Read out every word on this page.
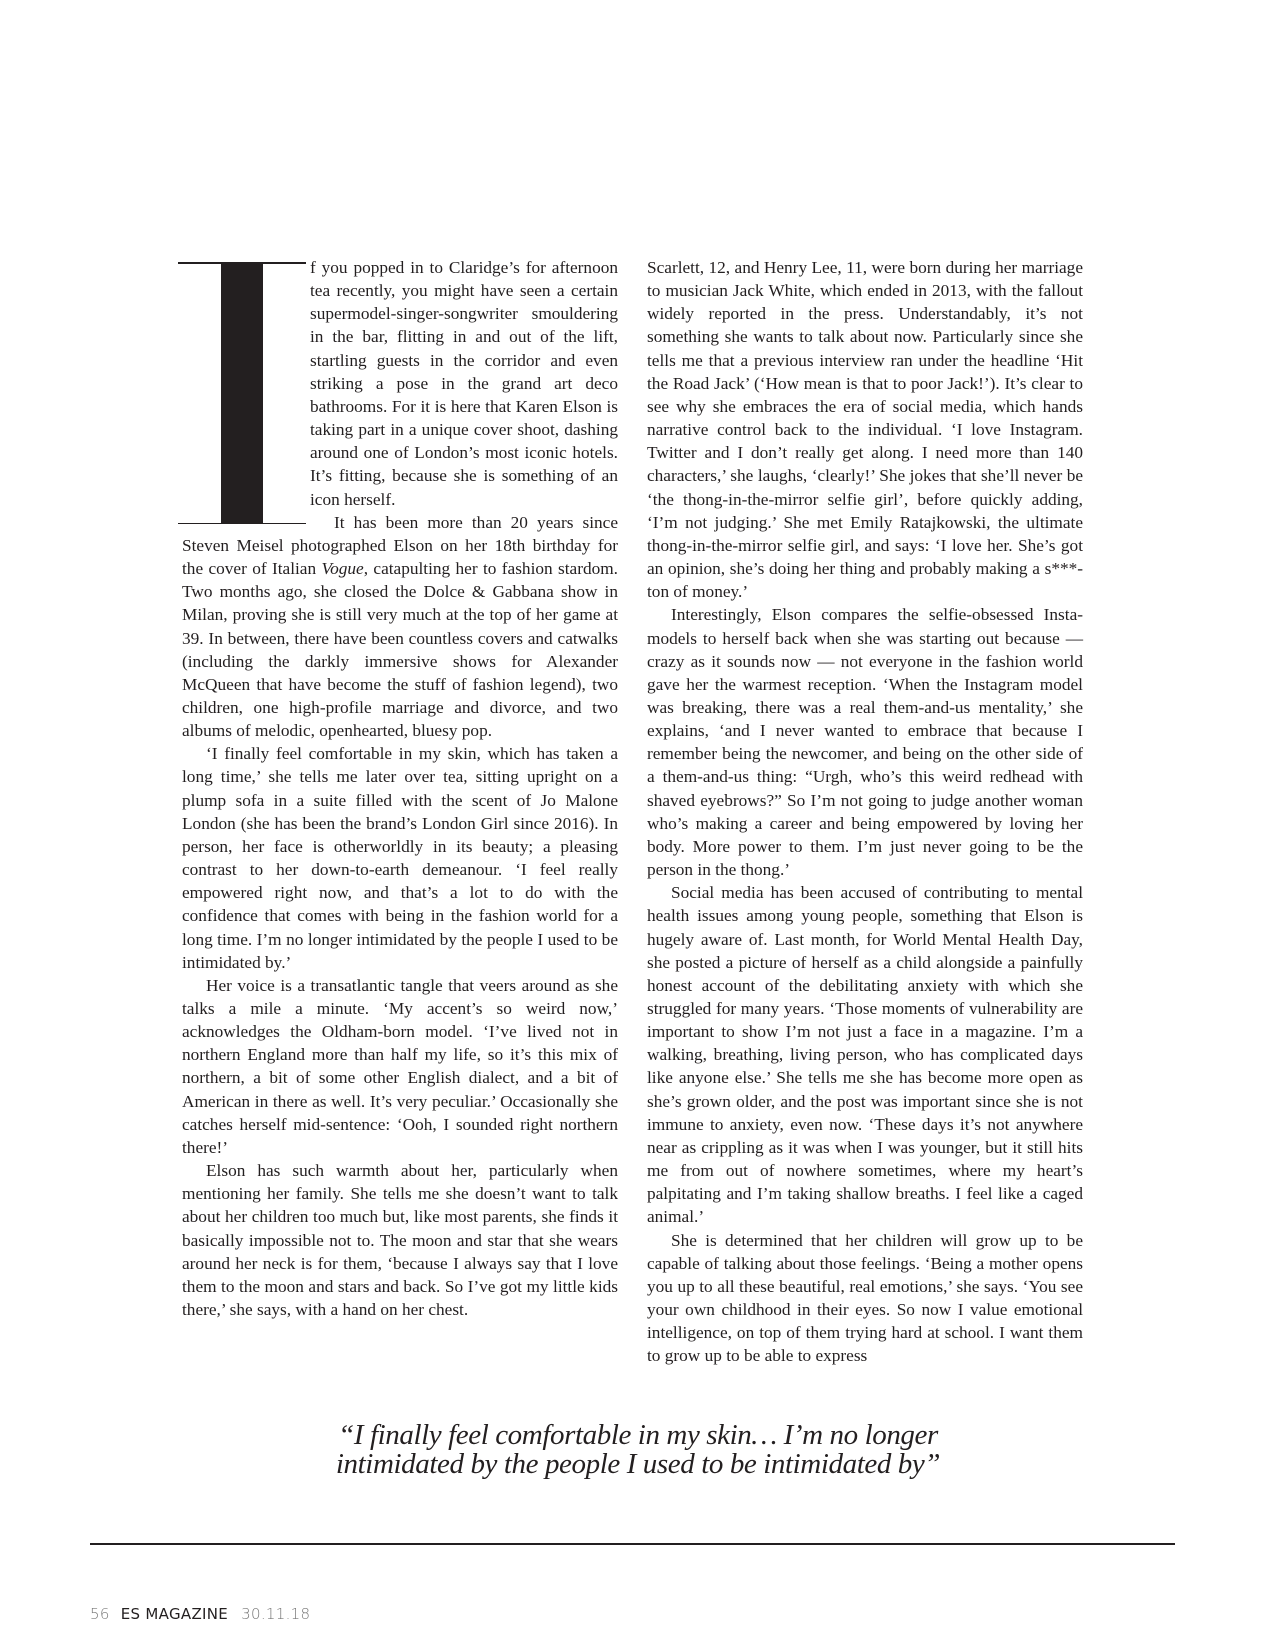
f you popped in to Claridge’s for afternoon tea recently, you might have seen a certain supermodel-singer-songwriter smouldering in the bar, flitting in and out of the lift, startling guests in the corridor and even striking a pose in the grand art deco bathrooms. For it is here that Karen Elson is taking part in a unique cover shoot, dashing around one of London’s most iconic hotels. It’s fitting, because she is something of an icon herself.

It has been more than 20 years since Steven Meisel photographed Elson on her 18th birthday for the cover of Italian Vogue, catapulting her to fashion stardom. Two months ago, she closed the Dolce & Gabbana show in Milan, proving she is still very much at the top of her game at 39. In between, there have been countless covers and catwalks (including the darkly immersive shows for Alexander McQueen that have become the stuff of fashion legend), two children, one high-profile marriage and divorce, and two albums of melodic, openhearted, bluesy pop.

‘I finally feel comfortable in my skin, which has taken a long time,’ she tells me later over tea, sitting upright on a plump sofa in a suite filled with the scent of Jo Malone London (she has been the brand’s London Girl since 2016). In person, her face is otherworldly in its beauty; a pleasing contrast to her down-to-earth demeanour. ‘I feel really empowered right now, and that’s a lot to do with the confidence that comes with being in the fashion world for a long time. I’m no longer intimidated by the people I used to be intimidated by.’

Her voice is a transatlantic tangle that veers around as she talks a mile a minute. ‘My accent’s so weird now,’ acknowledges the Oldham-born model. ‘I’ve lived not in northern England more than half my life, so it’s this mix of northern, a bit of some other English dialect, and a bit of American in there as well. It’s very peculiar.’ Occasionally she catches herself mid-sentence: ‘Ooh, I sounded right northern there!’

Elson has such warmth about her, particularly when mentioning her family. She tells me she doesn’t want to talk about her children too much but, like most parents, she finds it basically impossible not to. The moon and star that she wears around her neck is for them, ‘because I always say that I love them to the moon and stars and back. So I’ve got my little kids there,’ she says, with a hand on her chest.

Scarlett, 12, and Henry Lee, 11, were born during her marriage to musician Jack White, which ended in 2013, with the fallout widely reported in the press. Understandably, it’s not something she wants to talk about now. Particularly since she tells me that a previous interview ran under the headline ‘Hit the Road Jack’ (‘How mean is that to poor Jack!’). It’s clear to see why she embraces the era of social media, which hands narrative control back to the individual. ‘I love Instagram. Twitter and I don’t really get along. I need more than 140 characters,’ she laughs, ‘clearly!’ She jokes that she’ll never be ‘the thong-in-the-mirror selfie girl’, before quickly adding, ‘I’m not judging.’ She met Emily Ratajkowski, the ultimate thong-in-the-mirror selfie girl, and says: ‘I love her. She’s got an opinion, she’s doing her thing and probably making a s***-ton of money.’

Interestingly, Elson compares the selfie-obsessed Insta-models to herself back when she was starting out because — crazy as it sounds now — not everyone in the fashion world gave her the warmest reception. ‘When the Instagram model was breaking, there was a real them-and-us mentality,’ she explains, ‘and I never wanted to embrace that because I remember being the newcomer, and being on the other side of a them-and-us thing: “Urgh, who’s this weird redhead with shaved eyebrows?” So I’m not going to judge another woman who’s making a career and being empowered by loving her body. More power to them. I’m just never going to be the person in the thong.’

Social media has been accused of contributing to mental health issues among young people, something that Elson is hugely aware of. Last month, for World Mental Health Day, she posted a picture of herself as a child alongside a painfully honest account of the debilitating anxiety with which she struggled for many years. ‘Those moments of vulnerability are important to show I’m not just a face in a magazine. I’m a walking, breathing, living person, who has complicated days like anyone else.’ She tells me she has become more open as she’s grown older, and the post was important since she is not immune to anxiety, even now. ‘These days it’s not anywhere near as crippling as it was when I was younger, but it still hits me from out of nowhere sometimes, where my heart’s palpitating and I’m taking shallow breaths. I feel like a caged animal.’

She is determined that her children will grow up to be capable of talking about those feelings. ‘Being a mother opens you up to all these beautiful, real emotions,’ she says. ‘You see your own childhood in their eyes. So now I value emotional intelligence, on top of them trying hard at school. I want them to grow up to be able to express

“I finally feel comfortable in my skin… I’m no longer intimidated by the people I used to be intimidated by”
56 ES MAGAZINE 30.11.18
